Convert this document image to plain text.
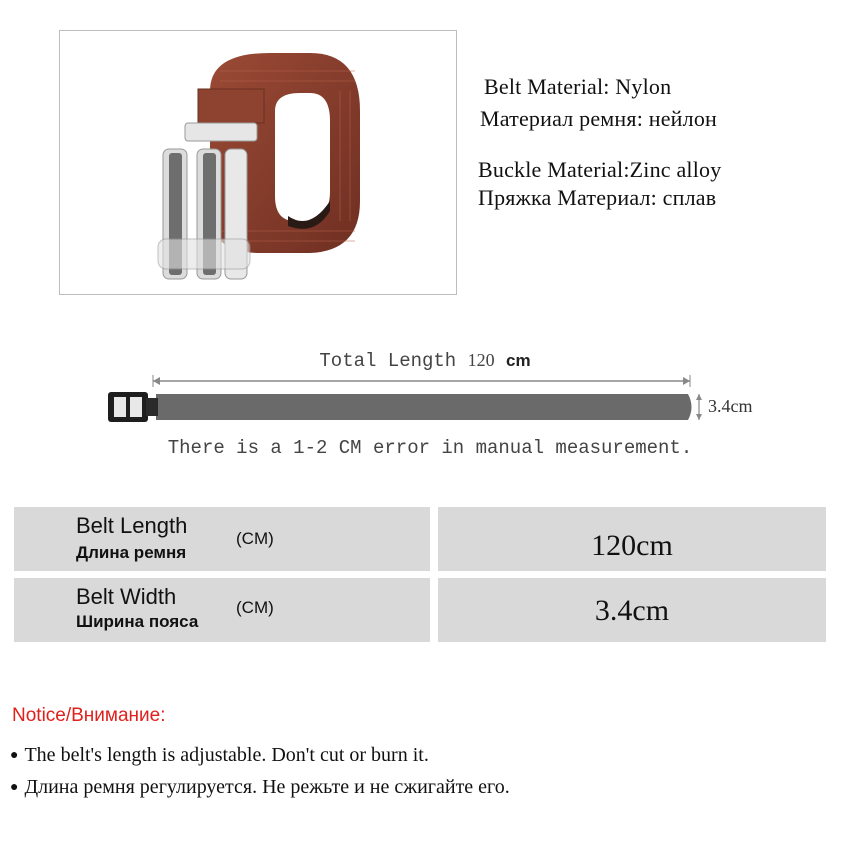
Belt Material: Nylon
Материал ремня: нейлон
Buckle Material:Zinc alloy
Пряжка Материал: сплав
Total Length 120 cm
3.4cm
There is a 1-2 CM error in manual measurement.
Belt Length
Длина ремня
(CM)	120cm
Belt Width
Ширина пояса
(CM)	3.4cm
Notice/Внимание:
● The belt's length is adjustable. Don't cut or burn it.
● Длина ремня регулируется. Не режьте и не сжигайте его.
